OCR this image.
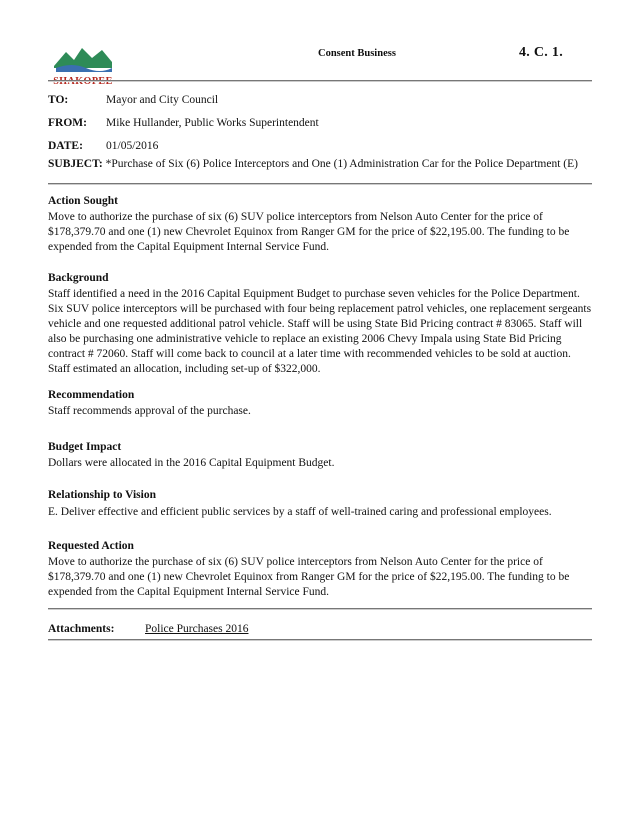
SHAKOPEE
Consent Business	4. C. 1.
TO:	Mayor and City Council
FROM: Mike Hullander, Public Works Superintendent
DATE: 01/05/2016
SUBJECT: *Purchase of Six (6) Police Interceptors and One (1) Administration Car for the Police Department (E)
Action Sought
Move to authorize the purchase of six (6) SUV police interceptors from Nelson Auto Center for the price of $178,379.70 and one (1) new Chevrolet Equinox from Ranger GM for the price of $22,195.00. The funding to be expended from the Capital Equipment Internal Service Fund.
Background
Staff identified a need in the 2016 Capital Equipment Budget to purchase seven vehicles for the Police Department. Six SUV police interceptors will be purchased with four being replacement patrol vehicles, one replacement sergeants vehicle and one requested additional patrol vehicle. Staff will be using State Bid Pricing contract # 83065. Staff will also be purchasing one administrative vehicle to replace an existing 2006 Chevy Impala using State Bid Pricing contract # 72060. Staff will come back to council at a later time with recommended vehicles to be sold at auction. Staff estimated an allocation, including set-up of $322,000.
Recommendation
Staff recommends approval of the purchase.
Budget Impact
Dollars were allocated in the 2016 Capital Equipment Budget.
Relationship to Vision
E. Deliver effective and efficient public services by a staff of well-trained caring and professional employees.
Requested Action
Move to authorize the purchase of six (6) SUV police interceptors from Nelson Auto Center for the price of $178,379.70 and one (1) new Chevrolet Equinox from Ranger GM for the price of $22,195.00. The funding to be expended from the Capital Equipment Internal Service Fund.
Attachments:	Police Purchases 2016
